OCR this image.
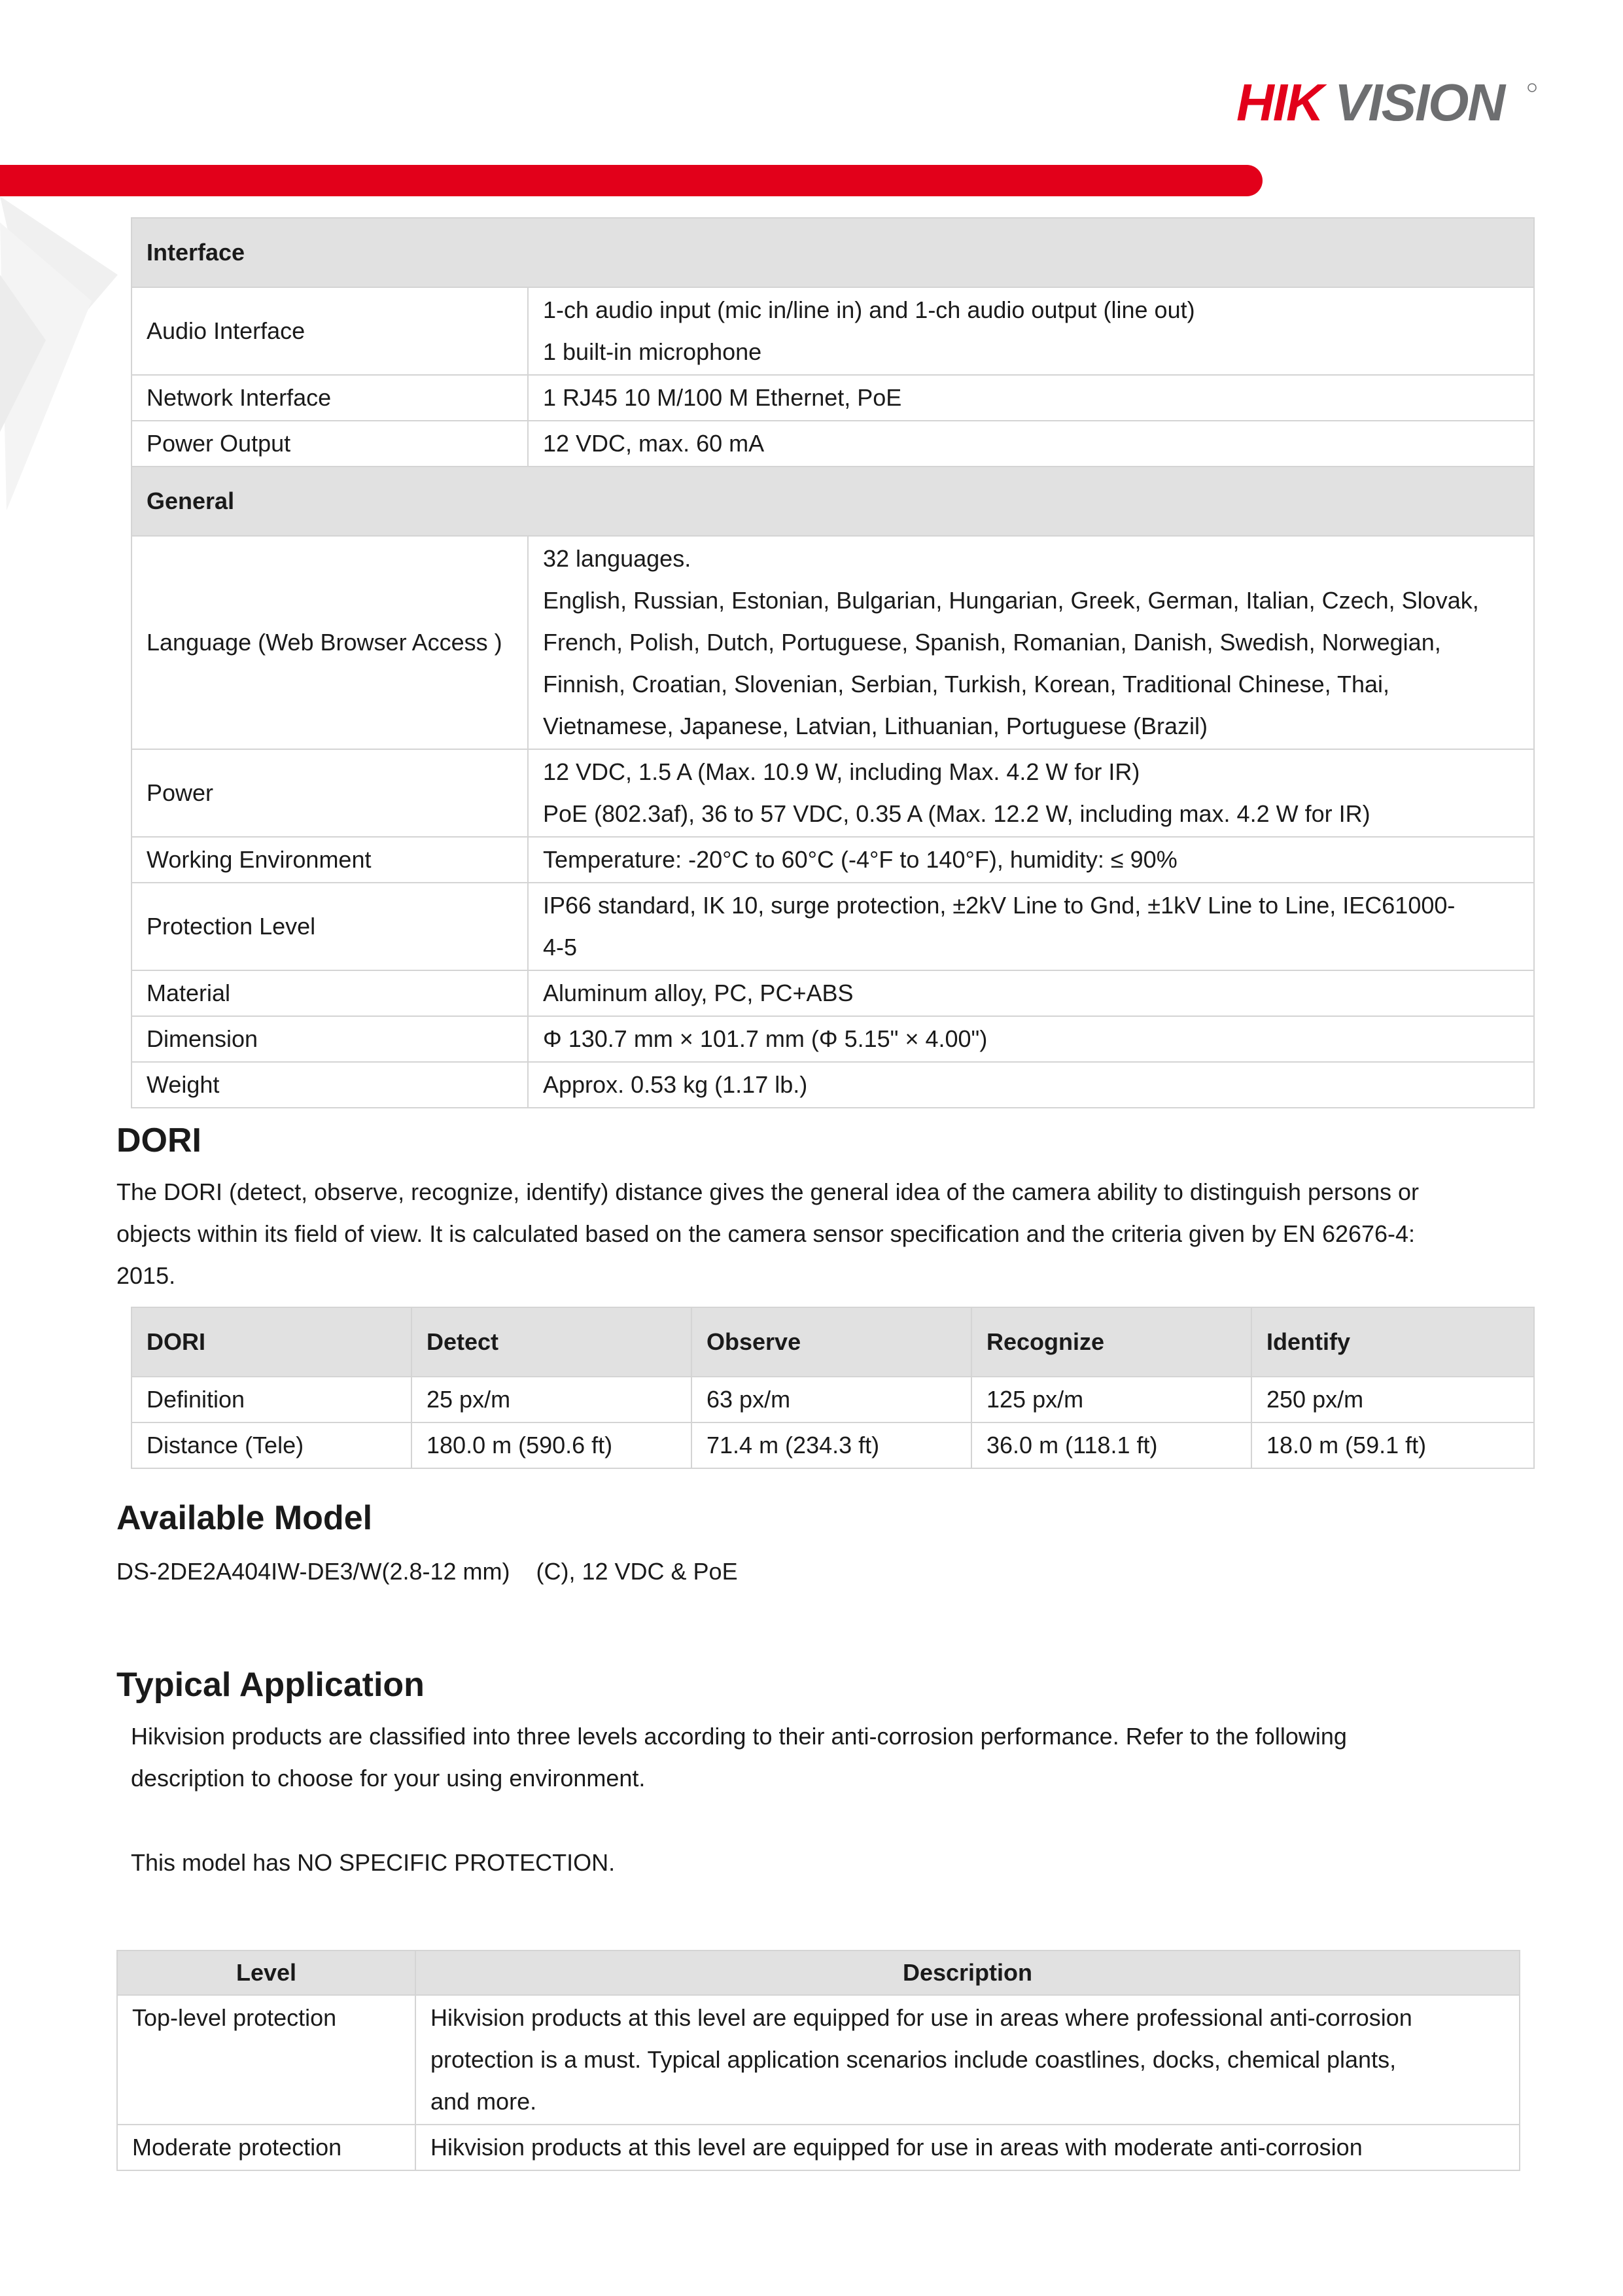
HIK VISION
Interface	
Audio Interface	1-ch audio input (mic in/line in) and 1-ch audio output (line out)
1 built-in microphone

Network Interface	1 RJ45 10 M/100 M Ethernet, PoE
Power Output	12 VDC, max. 60 mA
General	
Language (Web Browser Access )	32 languages.
English, Russian, Estonian, Bulgarian, Hungarian, Greek, German, Italian, Czech, Slovak,
French, Polish, Dutch, Portuguese, Spanish, Romanian, Danish, Swedish, Norwegian,
Finnish, Croatian, Slovenian, Serbian, Turkish, Korean, Traditional Chinese, Thai,
Vietnamese, Japanese, Latvian, Lithuanian, Portuguese (Brazil)

Power	12 VDC, 1.5 A (Max. 10.9 W, including Max. 4.2 W for IR)
PoE (802.3af), 36 to 57 VDC, 0.35 A (Max. 12.2 W, including max. 4.2 W for IR)

Working Environment	Temperature: -20°C to 60°C (-4°F to 140°F), humidity: ≤ 90%
Protection Level	IP66 standard, IK 10, surge protection, ±2kV Line to Gnd, ±1kV Line to Line, IEC61000-
4-5

Material	Aluminum alloy, PC, PC+ABS
Dimension	Φ 130.7 mm × 101.7 mm (Φ 5.15" × 4.00")
Weight	Approx. 0.53 kg (1.17 lb.)
DORI
The DORI (detect, observe, recognize, identify) distance gives the general idea of the camera ability to distinguish persons or
objects within its field of view. It is calculated based on the camera sensor specification and the criteria given by EN 62676-4:
2015.
DORI	Detect	Observe	Recognize	Identify
Definition	25 px/m	63 px/m	125 px/m	250 px/m
Distance (Tele)	180.0 m (590.6 ft)	71.4 m (234.3 ft)	36.0 m (118.1 ft)	18.0 m (59.1 ft)
Available Model
DS-2DE2A404IW-DE3/W(2.8-12 mm)    (C), 12 VDC & PoE
Typical Application
Hikvision products are classified into three levels according to their anti-corrosion performance. Refer to the following
description to choose for your using environment.
This model has NO SPECIFIC PROTECTION.
Level	Description
Top-level protection	Hikvision products at this level are equipped for use in areas where professional anti-corrosion
protection is a must. Typical application scenarios include coastlines, docks, chemical plants,
and more.

Moderate protection	Hikvision products at this level are equipped for use in areas with moderate anti-corrosion
